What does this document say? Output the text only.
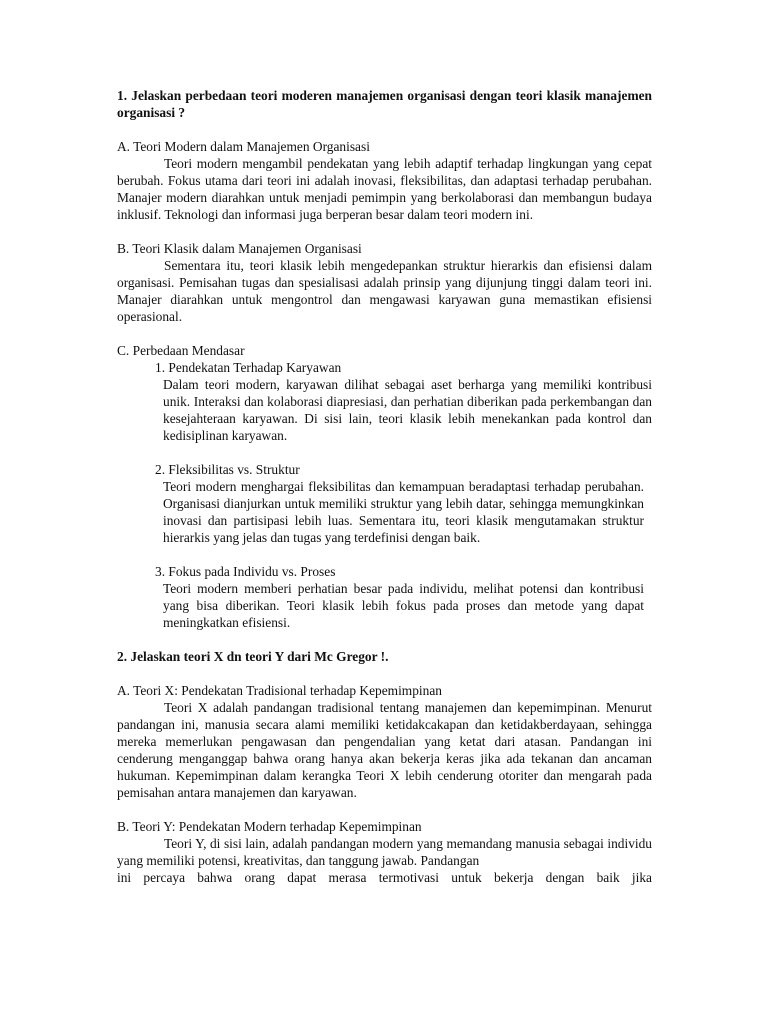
1. Jelaskan perbedaan teori moderen manajemen organisasi dengan teori klasik manajemen organisasi ?

A. Teori Modern dalam Manajemen Organisasi

Teori modern mengambil pendekatan yang lebih adaptif terhadap lingkungan yang cepat berubah. Fokus utama dari teori ini adalah inovasi, fleksibilitas, dan adaptasi terhadap perubahan. Manajer modern diarahkan untuk menjadi pemimpin yang berkolaborasi dan membangun budaya inklusif. Teknologi dan informasi juga berperan besar dalam teori modern ini.

B. Teori Klasik dalam Manajemen Organisasi

Sementara itu, teori klasik lebih mengedepankan struktur hierarkis dan efisiensi dalam organisasi. Pemisahan tugas dan spesialisasi adalah prinsip yang dijunjung tinggi dalam teori ini. Manajer diarahkan untuk mengontrol dan mengawasi karyawan guna memastikan efisiensi operasional.

C. Perbedaan Mendasar

1. Pendekatan Terhadap Karyawan

Dalam teori modern, karyawan dilihat sebagai aset berharga yang memiliki kontribusi unik. Interaksi dan kolaborasi diapresiasi, dan perhatian diberikan pada perkembangan dan kesejahteraan karyawan. Di sisi lain, teori klasik lebih menekankan pada kontrol dan kedisiplinan karyawan.

2. Fleksibilitas vs. Struktur

Teori modern menghargai fleksibilitas dan kemampuan beradaptasi terhadap perubahan. Organisasi dianjurkan untuk memiliki struktur yang lebih datar, sehingga memungkinkan inovasi dan partisipasi lebih luas. Sementara itu, teori klasik mengutamakan struktur hierarkis yang jelas dan tugas yang terdefinisi dengan baik.

3. Fokus pada Individu vs. Proses

Teori modern memberi perhatian besar pada individu, melihat potensi dan kontribusi yang bisa diberikan. Teori klasik lebih fokus pada proses dan metode yang dapat meningkatkan efisiensi.

2. Jelaskan teori X dn teori Y dari Mc Gregor !.

A. Teori X: Pendekatan Tradisional terhadap Kepemimpinan

Teori X adalah pandangan tradisional tentang manajemen dan kepemimpinan. Menurut pandangan ini, manusia secara alami memiliki ketidakcakapan dan ketidakberdayaan, sehingga mereka memerlukan pengawasan dan pengendalian yang ketat dari atasan. Pandangan ini cenderung menganggap bahwa orang hanya akan bekerja keras jika ada tekanan dan ancaman hukuman. Kepemimpinan dalam kerangka Teori X lebih cenderung otoriter dan mengarah pada pemisahan antara manajemen dan karyawan.

B. Teori Y: Pendekatan Modern terhadap Kepemimpinan

Teori Y, di sisi lain, adalah pandangan modern yang memandang manusia sebagai individu yang memiliki potensi, kreativitas, dan tanggung jawab. Pandangan

ini percaya bahwa orang dapat merasa termotivasi untuk bekerja dengan baik jika
